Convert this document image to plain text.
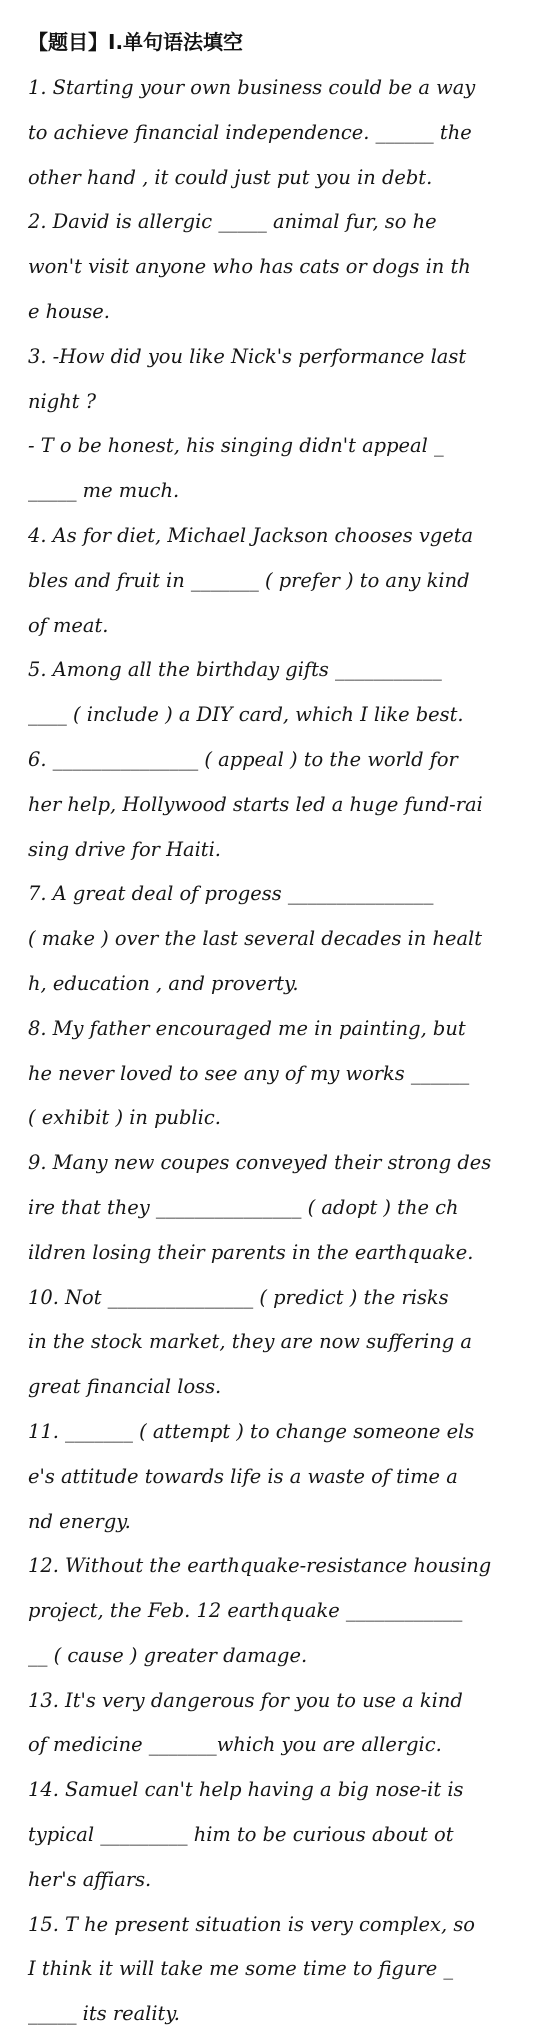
【题目】I.单句语法填空
1. Starting your own business could be a way
to achieve financial independence. ______ the
other hand , it could just put you in debt.
2. David is allergic _____ animal fur, so he
won't visit anyone who has cats or dogs in th
e house.
3. -How did you like Nick's performance last
night ?
- T o be honest, his singing didn't appeal _
_____ me much.
4. As for diet, Michael Jackson chooses vgeta
bles and fruit in _______ ( prefer ) to any kind
of meat.
5. Among all the birthday gifts ___________
____ ( include ) a DIY card, which I like best.
6. _______________ ( appeal ) to the world for
her help, Hollywood starts led a huge fund-rai
sing drive for Haiti.
7. A great deal of progess _______________
( make ) over the last several decades in healt
h, education , and proverty.
8. My father encouraged me in painting, but
he never loved to see any of my works ______
( exhibit ) in public.
9. Many new coupes conveyed their strong des
ire that they _______________ ( adopt ) the ch
ildren losing their parents in the earthquake.
10. Not _______________ ( predict ) the risks
in the stock market, they are now suffering a
great financial loss.
11. _______ ( attempt ) to change someone els
e's attitude towards life is a waste of time a
nd energy.
12. Without the earthquake-resistance housing
project, the Feb. 12 earthquake ____________
__ ( cause ) greater damage.
13. It's very dangerous for you to use a kind
of medicine _______which you are allergic.
14. Samuel can't help having a big nose-it is
typical _________ him to be curious about ot
her's affiars.
15. T he present situation is very complex, so
I think it will take me some time to figure _
_____ its reality.
